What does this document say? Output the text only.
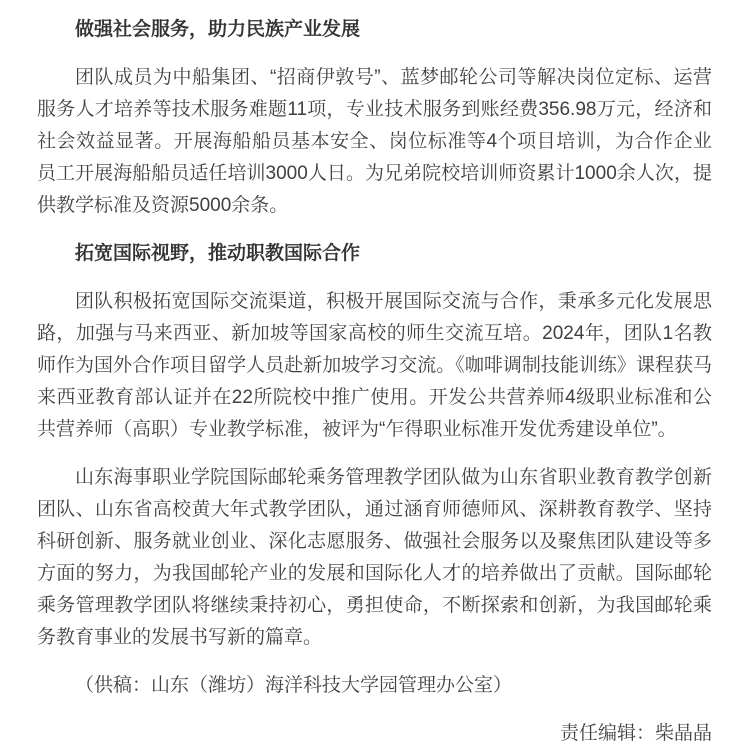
做强社会服务，助力民族产业发展

团队成员为中船集团、“招商伊敦号”、蓝梦邮轮公司等解决岗位定标、运营服务人才培养等技术服务难题11项，专业技术服务到账经费356.98万元，经济和社会效益显著。开展海船船员基本安全、岗位标准等4个项目培训，为合作企业员工开展海船船员适任培训3000人日。为兄弟院校培训师资累计1000余人次，提供教学标准及资源5000余条。

拓宽国际视野，推动职教国际合作

团队积极拓宽国际交流渠道，积极开展国际交流与合作，秉承多元化发展思路，加强与马来西亚、新加坡等国家高校的师生交流互培。2024年，团队1名教师作为国外合作项目留学人员赴新加坡学习交流。《咖啡调制技能训练》课程获马来西亚教育部认证并在22所院校中推广使用。开发公共营养师4级职业标准和公共营养师（高职）专业教学标准，被评为“乍得职业标准开发优秀建设单位”。

山东海事职业学院国际邮轮乘务管理教学团队做为山东省职业教育教学创新团队、山东省高校黄大年式教学团队，通过涵育师德师风、深耕教育教学、坚持科研创新、服务就业创业、深化志愿服务、做强社会服务以及聚焦团队建设等多方面的努力，为我国邮轮产业的发展和国际化人才的培养做出了贡献。国际邮轮乘务管理教学团队将继续秉持初心，勇担使命，不断探索和创新，为我国邮轮乘务教育事业的发展书写新的篇章。

（供稿：山东（潍坊）海洋科技大学园管理办公室）

责任编辑：柴晶晶
